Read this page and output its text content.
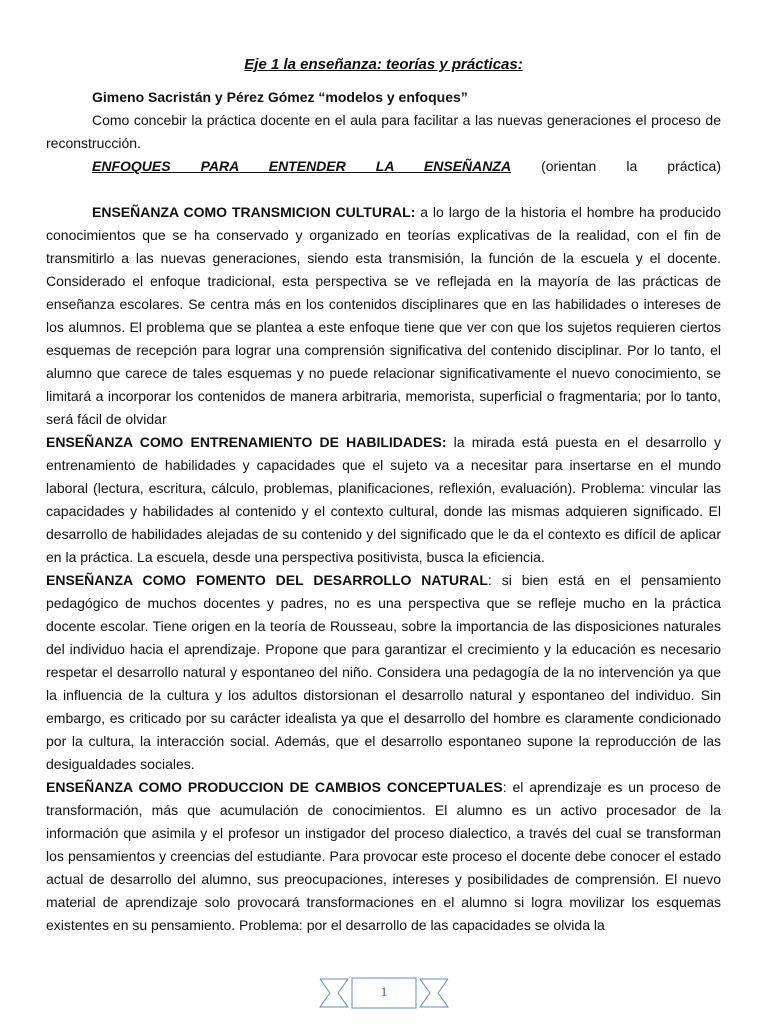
Eje 1 la enseñanza: teorías y prácticas:
Gimeno Sacristán y Pérez Gómez “modelos y enfoques”

Como concebir la práctica docente en el aula para facilitar a las nuevas generaciones el proceso de reconstrucción.

ENFOQUES PARA ENTENDER LA ENSEÑANZA (orientan la práctica)

ENSEÑANZA COMO TRANSMICION CULTURAL: a lo largo de la historia el hombre ha producido conocimientos que se ha conservado y organizado en teorías explicativas de la realidad, con el fin de transmitirlo a las nuevas generaciones, siendo esta transmisión, la función de la escuela y el docente. Considerado el enfoque tradicional, esta perspectiva se ve reflejada en la mayoría de las prácticas de enseñanza escolares. Se centra más en los contenidos disciplinares que en las habilidades o intereses de los alumnos. El problema que se plantea a este enfoque tiene que ver con que los sujetos requieren ciertos esquemas de recepción para lograr una comprensión significativa del contenido disciplinar. Por lo tanto, el alumno que carece de tales esquemas y no puede relacionar significativamente el nuevo conocimiento, se limitará a incorporar los contenidos de manera arbitraria, memorista, superficial o fragmentaria; por lo tanto, será fácil de olvidar

ENSEÑANZA COMO ENTRENAMIENTO DE HABILIDADES: la mirada está puesta en el desarrollo y entrenamiento de habilidades y capacidades que el sujeto va a necesitar para insertarse en el mundo laboral (lectura, escritura, cálculo, problemas, planificaciones, reflexión, evaluación). Problema: vincular las capacidades y habilidades al contenido y el contexto cultural, donde las mismas adquieren significado. El desarrollo de habilidades alejadas de su contenido y del significado que le da el contexto es difícil de aplicar en la práctica. La escuela, desde una perspectiva positivista, busca la eficiencia.

ENSEÑANZA COMO FOMENTO DEL DESARROLLO NATURAL: si bien está en el pensamiento pedagógico de muchos docentes y padres, no es una perspectiva que se refleje mucho en la práctica docente escolar. Tiene origen en la teoría de Rousseau, sobre la importancia de las disposiciones naturales del individuo hacia el aprendizaje. Propone que para garantizar el crecimiento y la educación es necesario respetar el desarrollo natural y espontaneo del niño. Considera una pedagogía de la no intervención ya que la influencia de la cultura y los adultos distorsionan el desarrollo natural y espontaneo del individuo. Sin embargo, es criticado por su carácter idealista ya que el desarrollo del hombre es claramente condicionado por la cultura, la interacción social. Además, que el desarrollo espontaneo supone la reproducción de las desigualdades sociales.

ENSEÑANZA COMO PRODUCCION DE CAMBIOS CONCEPTUALES: el aprendizaje es un proceso de transformación, más que acumulación de conocimientos. El alumno es un activo procesador de la información que asimila y el profesor un instigador del proceso dialectico, a través del cual se transforman los pensamientos y creencias del estudiante. Para provocar este proceso el docente debe conocer el estado actual de desarrollo del alumno, sus preocupaciones, intereses y posibilidades de comprensión. El nuevo material de aprendizaje solo provocará transformaciones en el alumno si logra movilizar los esquemas existentes en su pensamiento. Problema: por el desarrollo de las capacidades se olvida la

1
